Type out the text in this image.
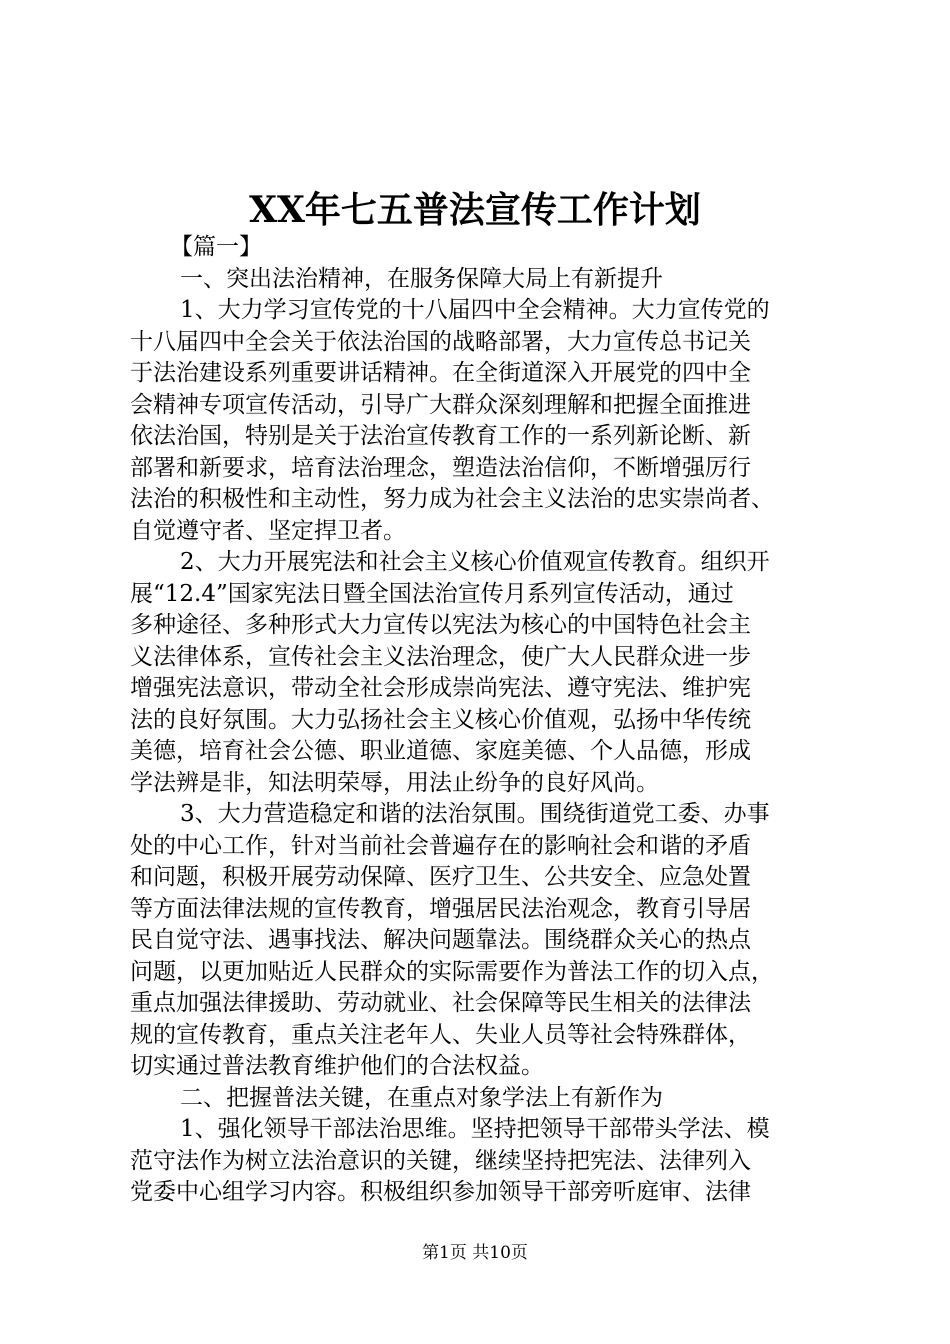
XX年七五普法宣传工作计划

【篇一】

一、突出法治精神，在服务保障大局上有新提升

1、大力学习宣传党的十八届四中全会精神。大力宣传党的

十八届四中全会关于依法治国的战略部署，大力宣传总书记关

于法治建设系列重要讲话精神。在全街道深入开展党的四中全

会精神专项宣传活动，引导广大群众深刻理解和把握全面推进

依法治国，特别是关于法治宣传教育工作的一系列新论断、新

部署和新要求，培育法治理念，塑造法治信仰，不断增强厉行

法治的积极性和主动性，努力成为社会主义法治的忠实崇尚者、

自觉遵守者、坚定捍卫者。

2、大力开展宪法和社会主义核心价值观宣传教育。组织开

展“12.4”国家宪法日暨全国法治宣传月系列宣传活动，通过

多种途径、多种形式大力宣传以宪法为核心的中国特色社会主

义法律体系，宣传社会主义法治理念，使广大人民群众进一步

增强宪法意识，带动全社会形成崇尚宪法、遵守宪法、维护宪

法的良好氛围。大力弘扬社会主义核心价值观，弘扬中华传统

美德，培育社会公德、职业道德、家庭美德、个人品德，形成

学法辨是非，知法明荣辱，用法止纷争的良好风尚。

3、大力营造稳定和谐的法治氛围。围绕街道党工委、办事

处的中心工作，针对当前社会普遍存在的影响社会和谐的矛盾

和问题，积极开展劳动保障、医疗卫生、公共安全、应急处置

等方面法律法规的宣传教育，增强居民法治观念，教育引导居

民自觉守法、遇事找法、解决问题靠法。围绕群众关心的热点

问题，以更加贴近人民群众的实际需要作为普法工作的切入点，

重点加强法律援助、劳动就业、社会保障等民生相关的法律法

规的宣传教育，重点关注老年人、失业人员等社会特殊群体，

切实通过普法教育维护他们的合法权益。

二、把握普法关键，在重点对象学法上有新作为

1、强化领导干部法治思维。坚持把领导干部带头学法、模

范守法作为树立法治意识的关键，继续坚持把宪法、法律列入

党委中心组学习内容。积极组织参加领导干部旁听庭审、法律

第1页 共10页
